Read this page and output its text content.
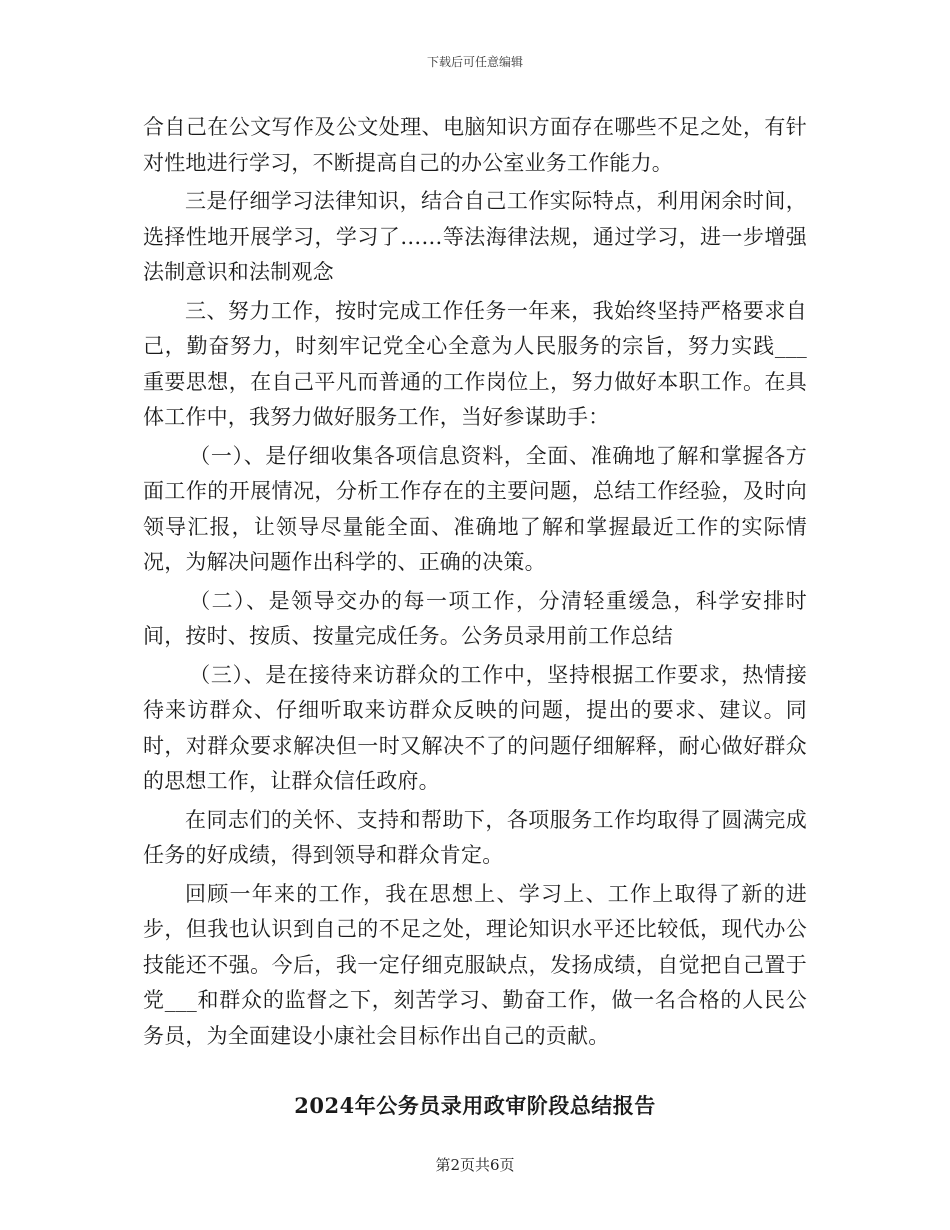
下载后可任意编辑

合自己在公文写作及公文处理、电脑知识方面存在哪些不足之处，有针对性地进行学习，不断提高自己的办公室业务工作能力。

三是仔细学习法律知识，结合自己工作实际特点，利用闲余时间，选择性地开展学习，学习了……等法海律法规，通过学习，进一步增强法制意识和法制观念

三、努力工作，按时完成工作任务一年来，我始终坚持严格要求自己，勤奋努力，时刻牢记党全心全意为人民服务的宗旨，努力实践___重要思想，在自己平凡而普通的工作岗位上，努力做好本职工作。在具体工作中，我努力做好服务工作，当好参谋助手：

（一）、是仔细收集各项信息资料，全面、准确地了解和掌握各方面工作的开展情况，分析工作存在的主要问题，总结工作经验，及时向领导汇报，让领导尽量能全面、准确地了解和掌握最近工作的实际情况，为解决问题作出科学的、正确的决策。

（二）、是领导交办的每一项工作，分清轻重缓急，科学安排时间，按时、按质、按量完成任务。公务员录用前工作总结

（三）、是在接待来访群众的工作中，坚持根据工作要求，热情接待来访群众、仔细听取来访群众反映的问题，提出的要求、建议。同时，对群众要求解决但一时又解决不了的问题仔细解释，耐心做好群众的思想工作，让群众信任政府。

在同志们的关怀、支持和帮助下，各项服务工作均取得了圆满完成任务的好成绩，得到领导和群众肯定。

回顾一年来的工作，我在思想上、学习上、工作上取得了新的进步，但我也认识到自己的不足之处，理论知识水平还比较低，现代办公技能还不强。今后，我一定仔细克服缺点，发扬成绩，自觉把自己置于党___和群众的监督之下，刻苦学习、勤奋工作，做一名合格的人民公务员，为全面建设小康社会目标作出自己的贡献。

2024年公务员录用政审阶段总结报告
第2页共6页
